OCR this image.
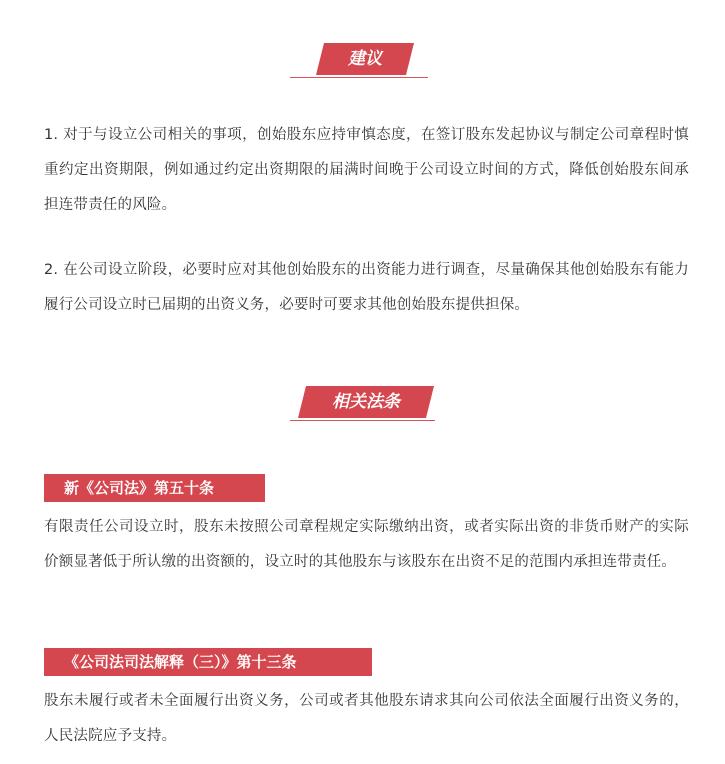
建议

1. 对于与设立公司相关的事项，创始股东应持审慎态度，在签订股东发起协议与制定公司章程时慎重约定出资期限，例如通过约定出资期限的届满时间晚于公司设立时间的方式，降低创始股东间承担连带责任的风险。

2. 在公司设立阶段，必要时应对其他创始股东的出资能力进行调查，尽量确保其他创始股东有能力履行公司设立时已届期的出资义务，必要时可要求其他创始股东提供担保。

相关法条
新《公司法》第五十条

有限责任公司设立时，股东未按照公司章程规定实际缴纳出资，或者实际出资的非货币财产的实际价额显著低于所认缴的出资额的，设立时的其他股东与该股东在出资不足的范围内承担连带责任。

《公司法司法解释（三）》第十三条

股东未履行或者未全面履行出资义务，公司或者其他股东请求其向公司依法全面履行出资义务的，人民法院应予支持。
